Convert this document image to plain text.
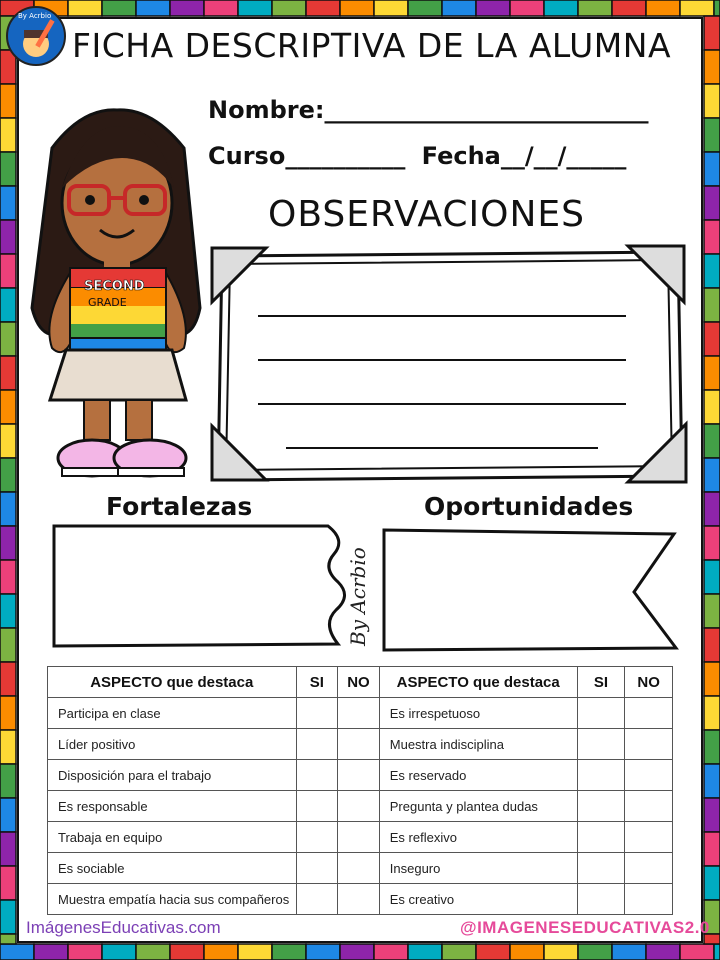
By Acrbio
FICHA DESCRIPTIVA DE LA ALUMNA
SECOND
GRADE
Nombre:___________________________
Curso__________ Fecha__/__/_____
OBSERVACIONES
Fortalezas	Oportunidades
By Acrbio
ASPECTO que destaca	SI	NO	ASPECTO que destaca	SI	NO
Participa en clase			Es irrespetuoso		
Líder positivo			Muestra indisciplina		
Disposición para el trabajo			Es reservado		
Es responsable			Pregunta y plantea dudas		
Trabaja en equipo			Es reflexivo		
Es sociable			Inseguro		
Muestra empatía hacia sus compañeros			Es creativo		
ImágenesEducativas.com	@IMAGENESEDUCATIVAS2.0
